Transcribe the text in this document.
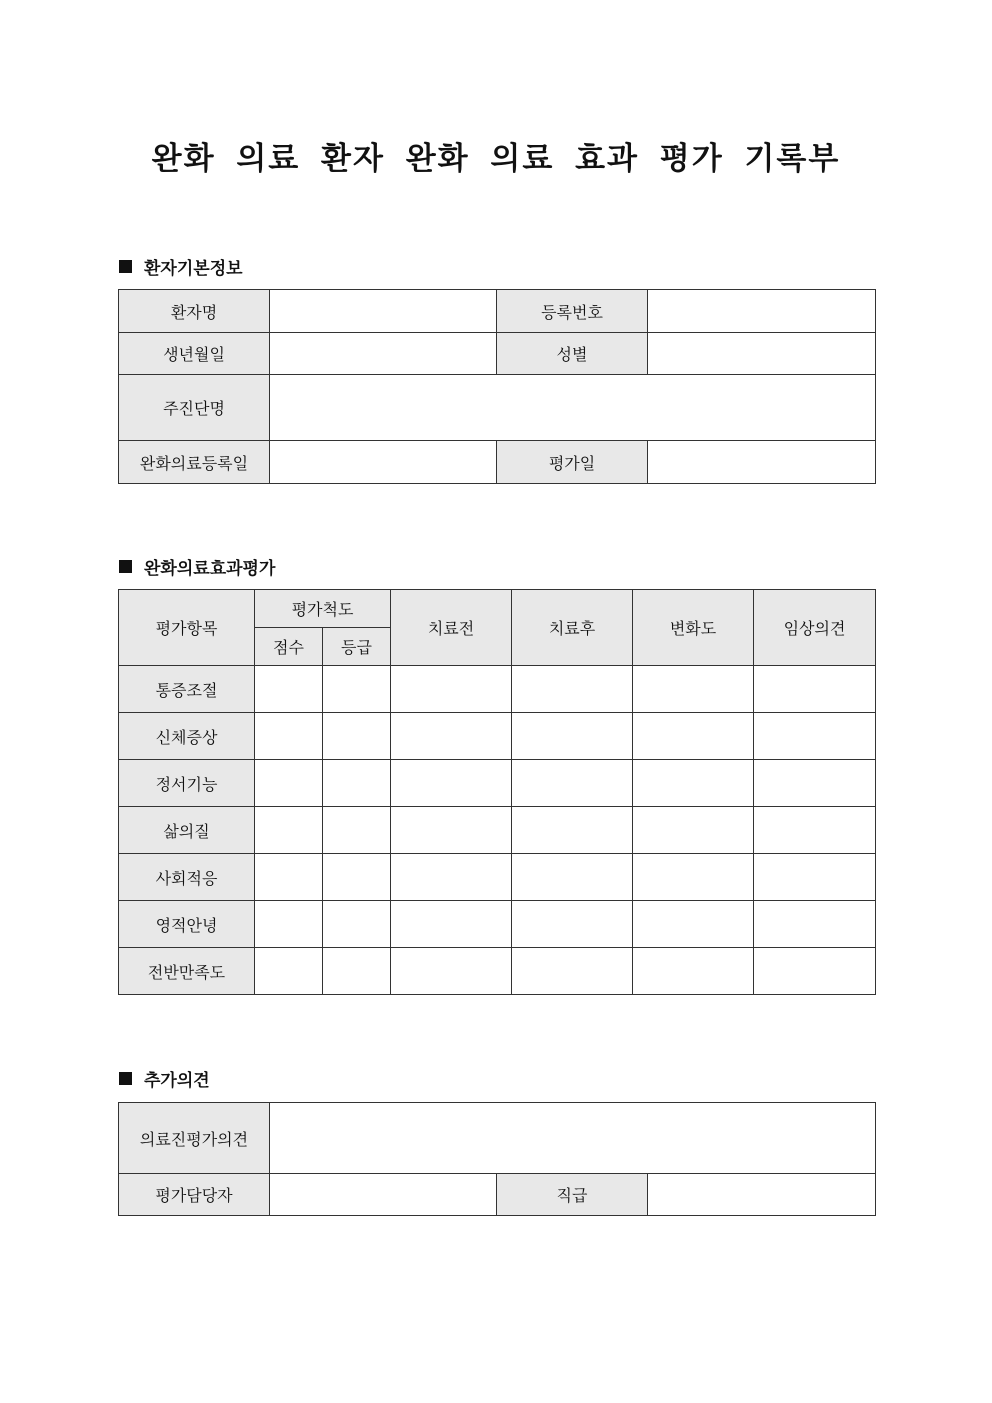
완화 의료 환자 완화 의료 효과 평가 기록부
환자기본정보
환자명		등록번호	
생년월일		성별	
주진단명			
완화의료등록일		평가일	
완화의료효과평가
평가항목	평가척도		치료전	치료후	변화도	임상의견
	점수	등급				
통증조절						
신체증상						
정서기능						
삶의질						
사회적응						
영적안녕						
전반만족도						
추가의견
의료진평가의견			
평가담당자		직급	
